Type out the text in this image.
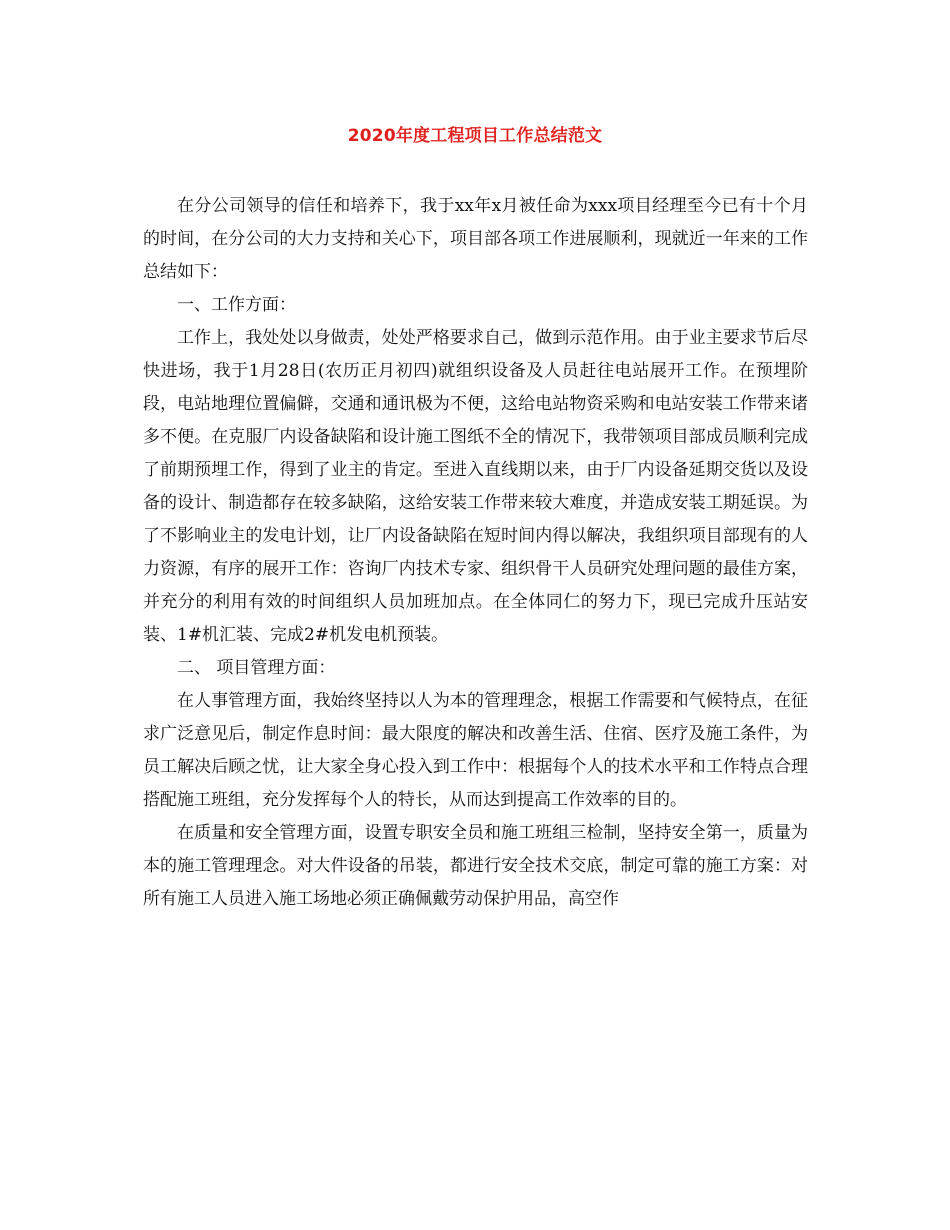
2020年度工程项目工作总结范文

在分公司领导的信任和培养下，我于xx年x月被任命为xxx项目经理至今已有十个月的时间，在分公司的大力支持和关心下，项目部各项工作进展顺利，现就近一年来的工作总结如下：

一、工作方面：

工作上，我处处以身做责，处处严格要求自己，做到示范作用。由于业主要求节后尽快进场，我于1月28日(农历正月初四)就组织设备及人员赶往电站展开工作。在预埋阶段，电站地理位置偏僻，交通和通讯极为不便，这给电站物资采购和电站安装工作带来诸多不便。在克服厂内设备缺陷和设计施工图纸不全的情况下，我带领项目部成员顺利完成了前期预埋工作，得到了业主的肯定。至进入直线期以来，由于厂内设备延期交货以及设备的设计、制造都存在较多缺陷，这给安装工作带来较大难度，并造成安装工期延误。为了不影响业主的发电计划，让厂内设备缺陷在短时间内得以解决，我组织项目部现有的人力资源，有序的展开工作：咨询厂内技术专家、组织骨干人员研究处理问题的最佳方案，并充分的利用有效的时间组织人员加班加点。在全体同仁的努力下，现已完成升压站安装、1#机汇装、完成2#机发电机预装。

二、 项目管理方面：

在人事管理方面，我始终坚持以人为本的管理理念，根据工作需要和气候特点，在征求广泛意见后，制定作息时间：最大限度的解决和改善生活、住宿、医疗及施工条件，为员工解决后顾之忧，让大家全身心投入到工作中：根据每个人的技术水平和工作特点合理搭配施工班组，充分发挥每个人的特长，从而达到提高工作效率的目的。

在质量和安全管理方面，设置专职安全员和施工班组三检制，坚持安全第一，质量为本的施工管理理念。对大件设备的吊装，都进行安全技术交底，制定可靠的施工方案：对所有施工人员进入施工场地必须正确佩戴劳动保护用品，高空作
